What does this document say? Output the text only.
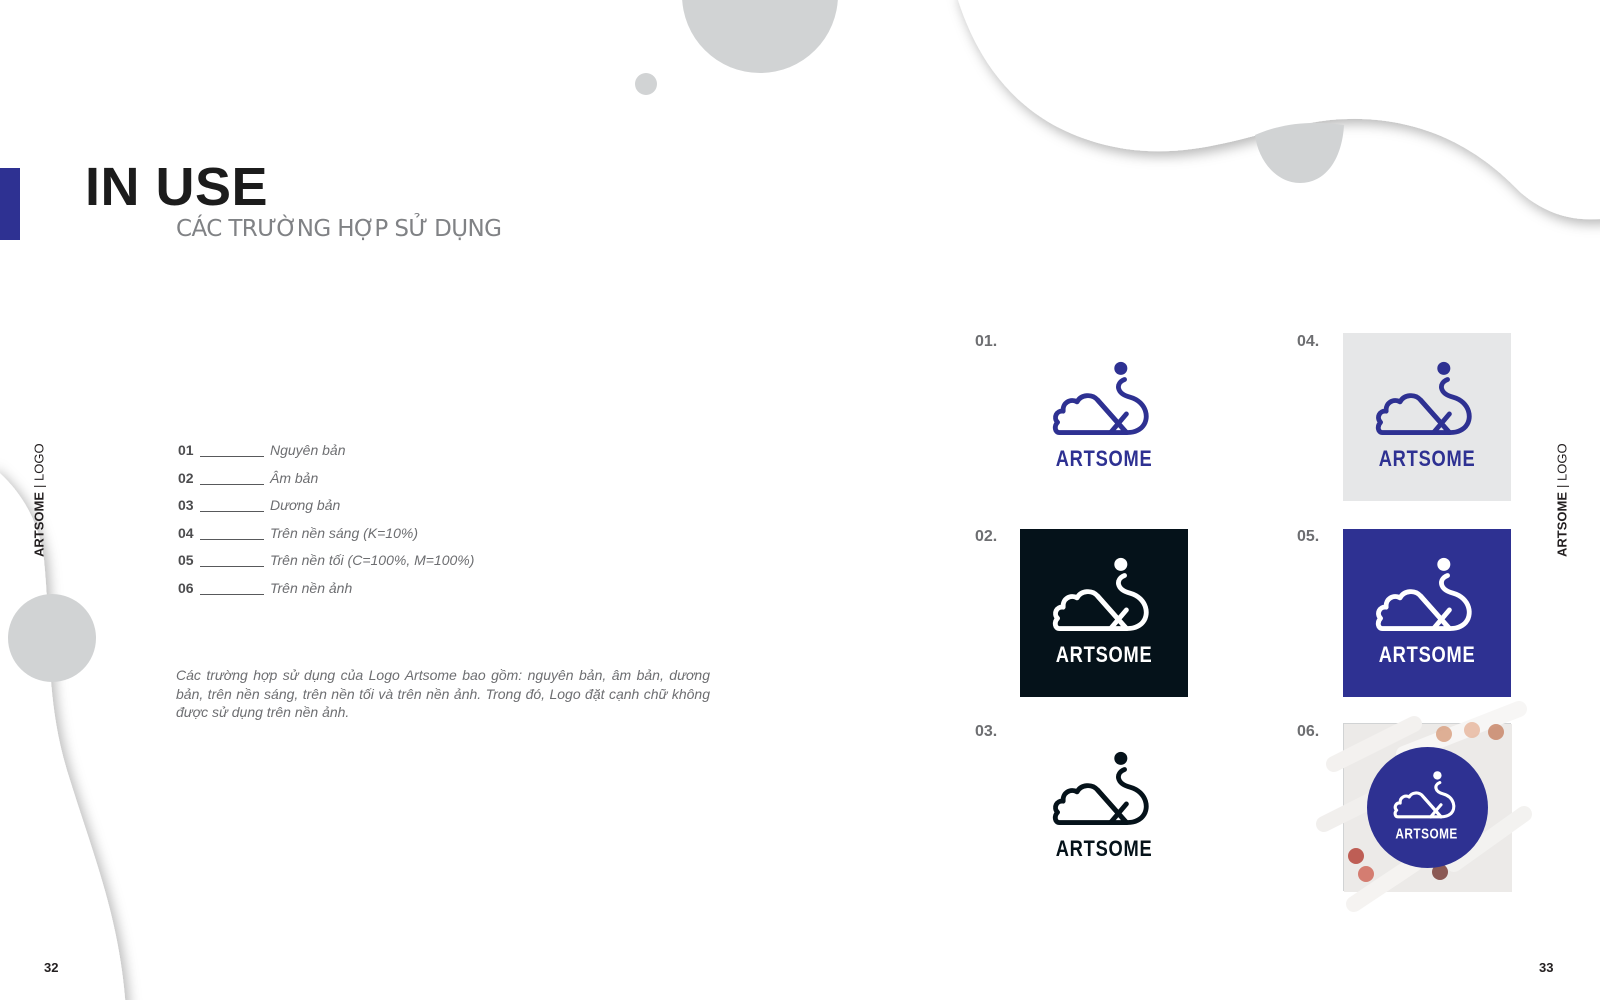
IN USE
CÁC TRƯỜNG HỢP SỬ DỤNG
ARTSOME

|

LOGO
ARTSOME

|

LOGO
01	Nguyên bản
02	Âm bản
03	Dương bản
04	Trên nền sáng (K=10%)
05	Trên nền tối (C=100%, M=100%)
06	Trên nền ảnh

Các trường hợp sử dụng của Logo Artsome bao gồm: nguyên bản, âm bản, dương bản, trên nền sáng, trên nền tối và trên nền ảnh. Trong đó, Logo đặt cạnh chữ không được sử dụng trên nền ảnh.

01.
ARTSOME
02.
ARTSOME
03.
ARTSOME
04.
ARTSOME
05.
ARTSOME
06.
ARTSOME
32	33
